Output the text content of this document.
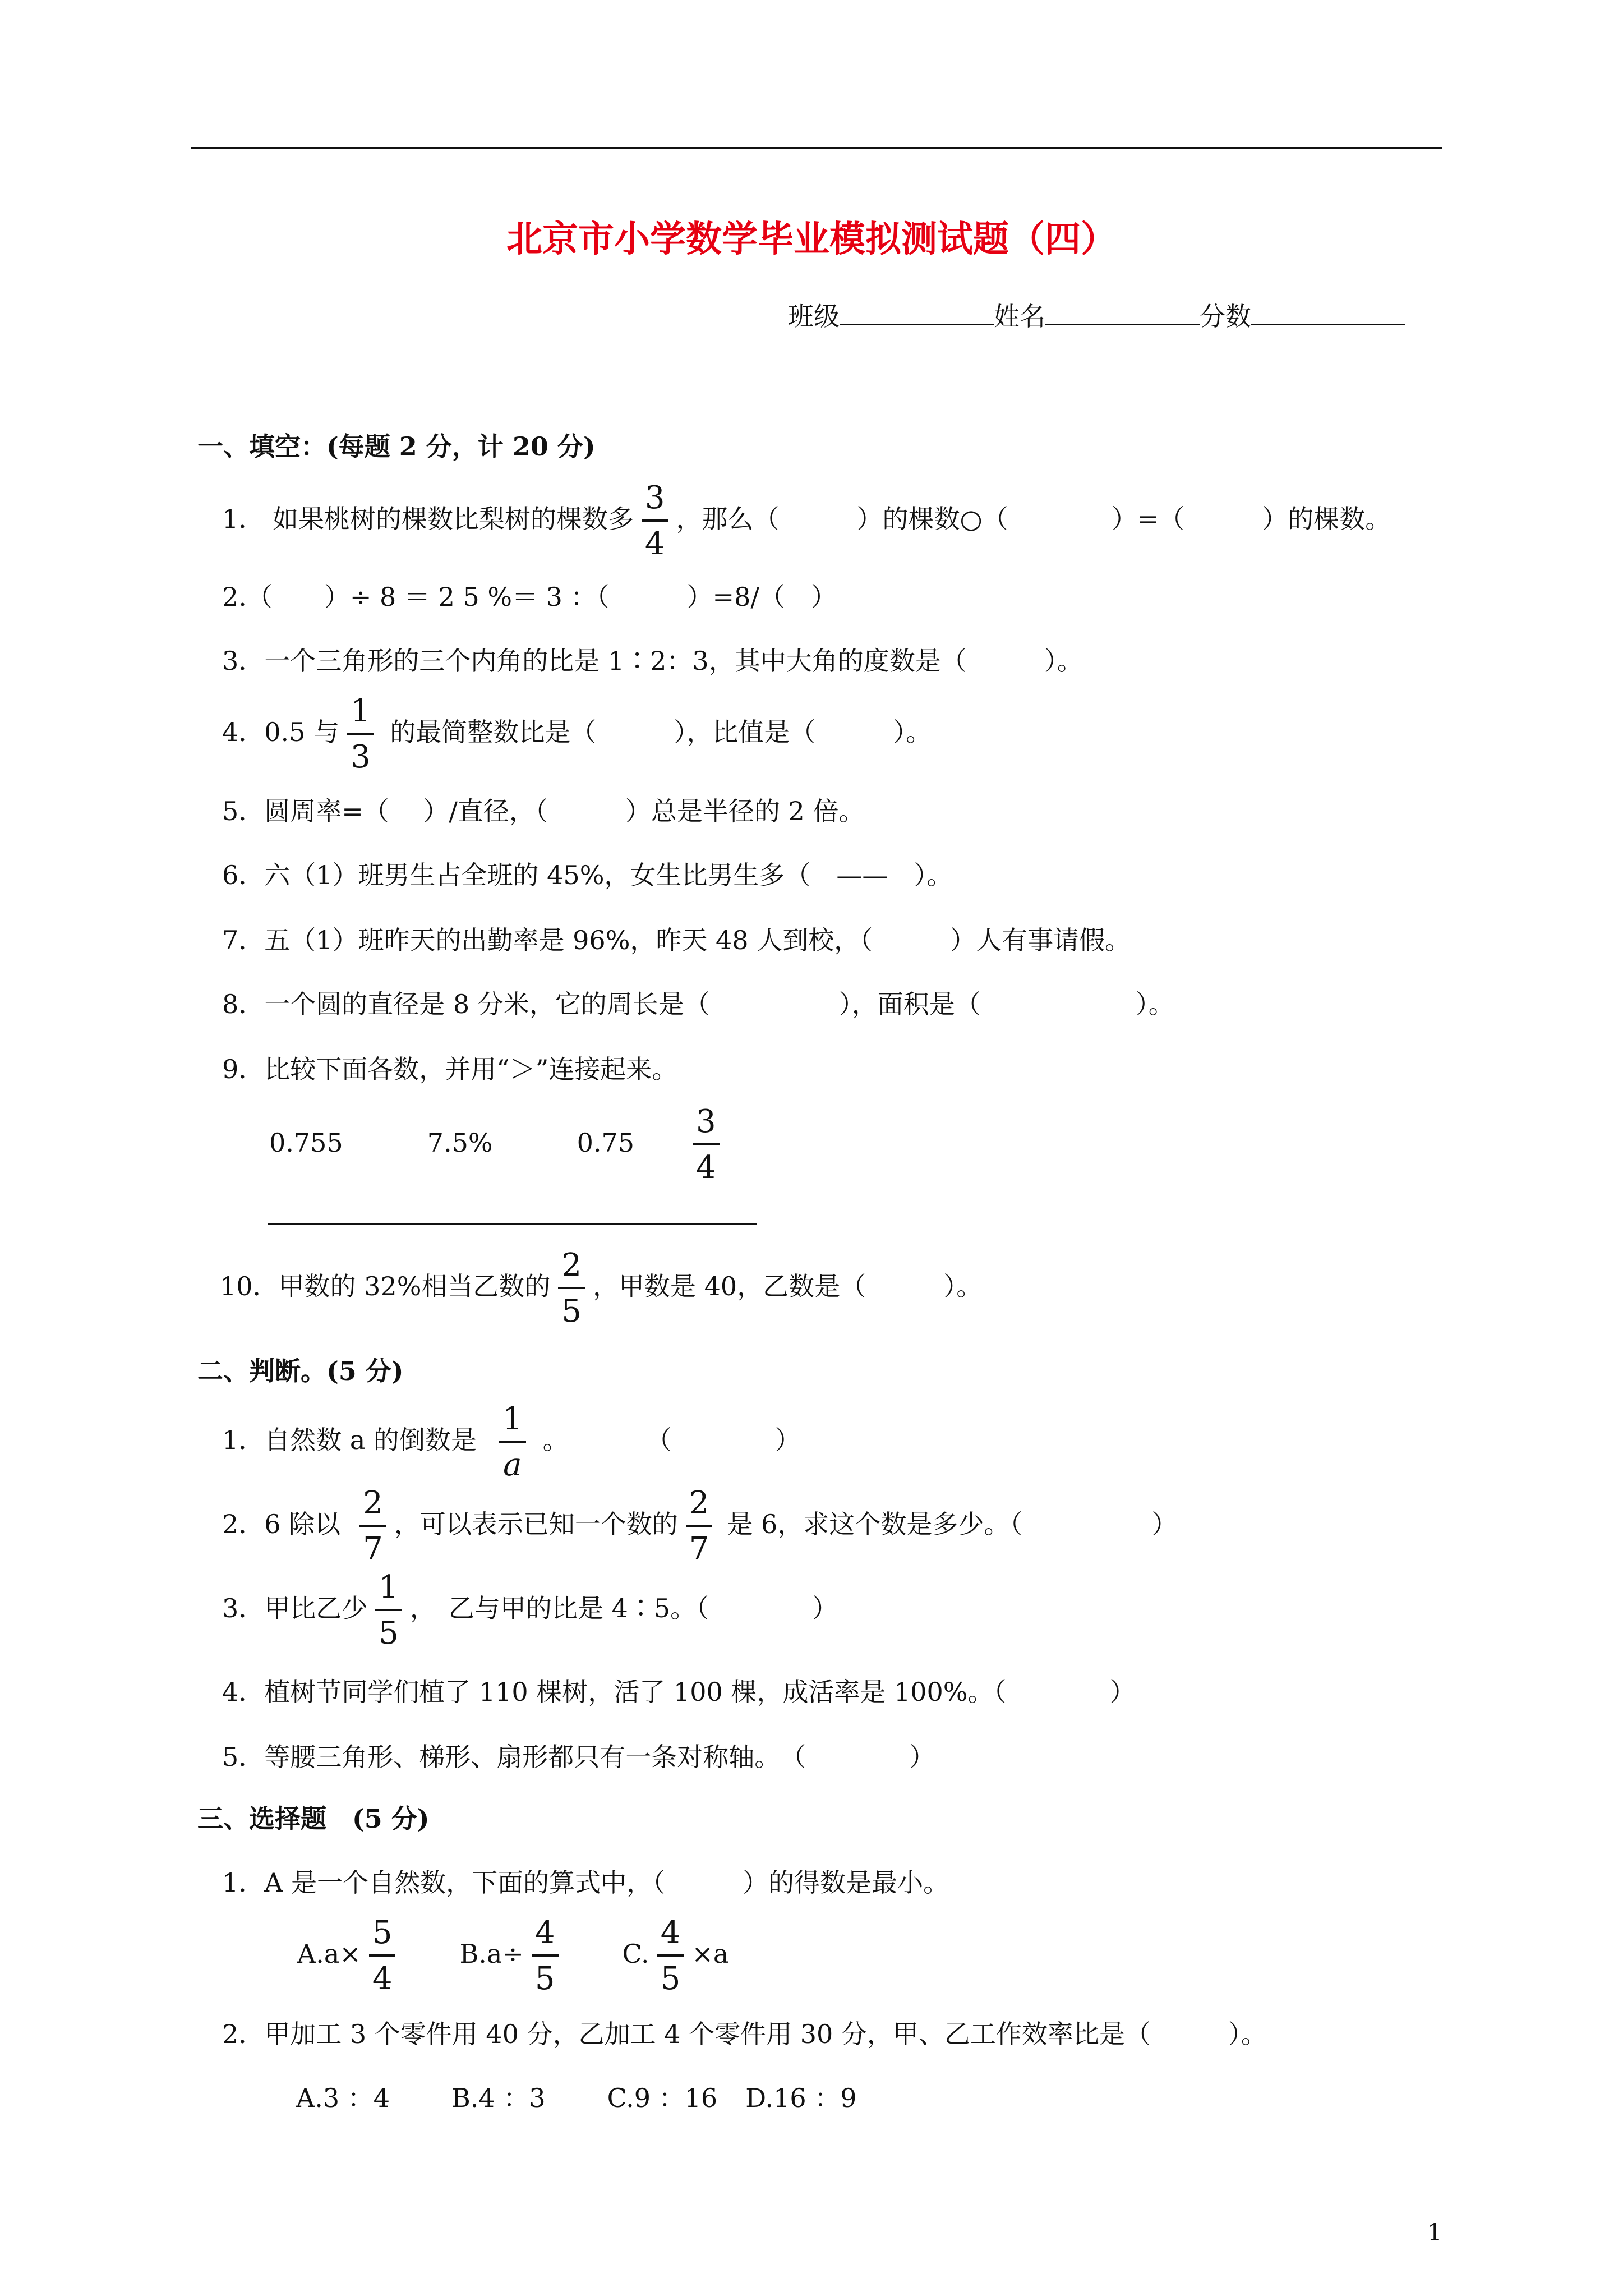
北京市小学数学毕业模拟测试题（四）
班级	姓名	分数
一、填空：(每题 2 分，计 20 分)
1． 如果桃树的棵数比梨树的棵数多 $\frac{3}{4}$ ，那么（　　　）的棵数○（　　　　）=（　　　）的棵数。
2.（　　）÷ 8 ＝ 2 5 %＝ 3 ：（　　　）=8/（　）
3．一个三角形的三个内角的比是 1∶2：3，其中大角的度数是（　　　）。
4．0.5 与 $\frac{1}{3}$ 的最简整数比是（　　　），比值是（　　　）。
5．圆周率=（　 ）/直径，（　　　）总是半径的 2 倍。
6．六（1）班男生占全班的 45%，女生比男生多（　——　）。
7．五（1）班昨天的出勤率是 96%，昨天 48 人到校，（　　　）人有事请假。
8．一个圆的直径是 8 分米，它的周长是（　　　　　），面积是（　　　　　　）。
9．比较下面各数，并用“＞”连接起来。
0.755	7.5%	$0.75 \frac{3}{4}$
10．甲数的 32%相当乙数的 $\frac{2}{5}$ ，甲数是 40，乙数是（　　　）。
二、判断。(5 分)
1．自然数 a 的倒数是 $\frac{1}{a}$ 。　　　　（　　　　）
2．6 除以 $\frac{2}{7}$ ，可以表示已知一个数的 $\frac{2}{7}$ 是 6，求这个数是多少。（　　　　　）
3．甲比乙少 $\frac{1}{5}$ ，　乙与甲的比是 4∶5。（　　　　）
4．植树节同学们植了 110 棵树，活了 100 棵，成活率是 100%。（　　　　）
5．等腰三角形、梯形、扇形都只有一条对称轴。　（　　　　）
三、选择题　(5 分)
1．A 是一个自然数，下面的算式中，（　　　）的得数是最小。
$A.a\times \frac{5}{4} B.a\div \frac{4}{5} C$. $\frac{4}{5} \times a$
2．甲加工 3 个零件用 40 分，乙加工 4 个零件用 30 分，甲、乙工作效率比是（　　　）。
A.3 ：4 B.4 ：3 C.9 ：16 D.16 ：9
1
